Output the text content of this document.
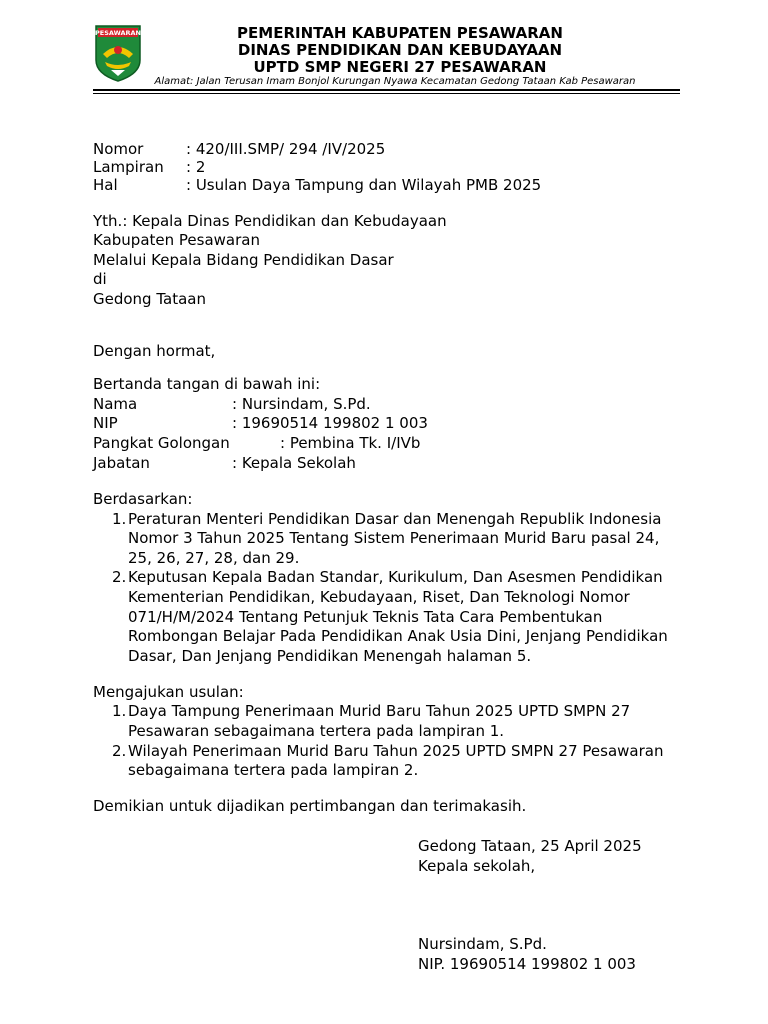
PESAWARAN	PEMERINTAH KABUPATEN PESAWARAN
DINAS PENDIDIKAN DAN KEBUDAYAAN
UPTD SMP NEGERI 27 PESAWARAN
Alamat: Jalan Terusan Imam Bonjol Kurungan Nyawa Kecamatan Gedong Tataan Kab Pesawaran
Nomor	: 420/III.SMP/ 294 /IV/2025
Lampiran : 2
Hal	: Usulan Daya Tampung dan Wilayah PMB 2025
Yth.: Kepala Dinas Pendidikan dan Kebudayaan
Kabupaten Pesawaran
Melalui Kepala Bidang Pendidikan Dasar
di
Gedong Tataan
Dengan hormat,
Bertanda tangan di bawah ini:
Nama	: Nursindam, S.Pd.
NIP	: 19690514 199802 1 003
Pangkat Golongan	: Pembina Tk. I/IVb
Jabatan	: Kepala Sekolah
Berdasarkan:
1. Peraturan Menteri Pendidikan Dasar dan Menengah Republik Indonesia
Nomor 3 Tahun 2025 Tentang Sistem Penerimaan Murid Baru pasal 24,
25, 26, 27, 28, dan 29.
2. Keputusan Kepala Badan Standar, Kurikulum, Dan Asesmen Pendidikan
Kementerian Pendidikan, Kebudayaan, Riset, Dan Teknologi Nomor
071/H/M/2024 Tentang Petunjuk Teknis Tata Cara Pembentukan
Rombongan Belajar Pada Pendidikan Anak Usia Dini, Jenjang Pendidikan
Dasar, Dan Jenjang Pendidikan Menengah halaman 5.
Mengajukan usulan:
1. Daya Tampung Penerimaan Murid Baru Tahun 2025 UPTD SMPN 27
Pesawaran sebagaimana tertera pada lampiran 1.
2. Wilayah Penerimaan Murid Baru Tahun 2025 UPTD SMPN 27 Pesawaran
sebagaimana tertera pada lampiran 2.
Demikian untuk dijadikan pertimbangan dan terimakasih.
Gedong Tataan, 25 April 2025
Kepala sekolah,
Nursindam, S.Pd.
NIP. 19690514 199802 1 003
